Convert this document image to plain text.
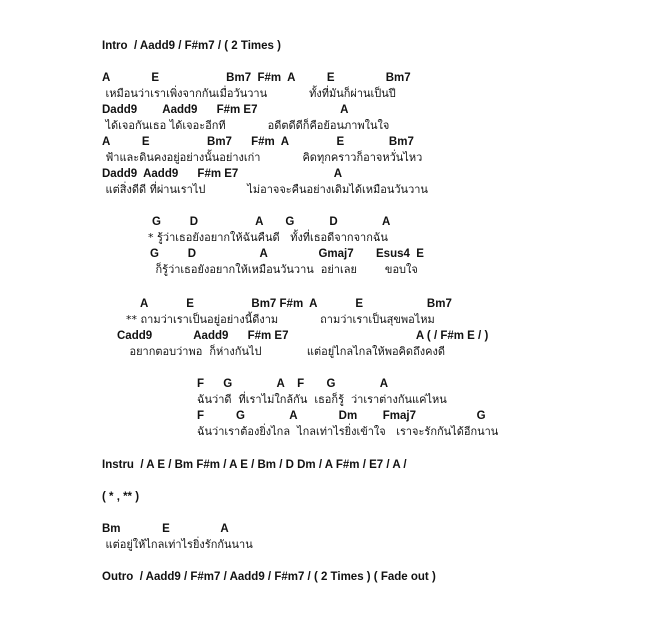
Intro  / Aadd9 / F#m7 / ( 2 Times )
A             E                     Bm7  F#m  A          E                Bm7
เหมือนว่าเราเพิ่งจากกันเมื่อวันวาน            ทั้งที่มันก็ผ่านเป็นปี
Dadd9        Aadd9      F#m E7                          A
ได้เจอกันเธอ ได้เจอะอีกที            อดีตดีดีก็คือย้อนภาพในใจ
A          E                  Bm7      F#m  A               E              Bm7
ฟ้าและดินคงอยู่อย่างนั้นอย่างเก่า            คิดทุกคราวก็อาจหวั่นไหว
Dadd9  Aadd9      F#m E7                              A
แต่สิ่งดีดี ที่ผ่านเราไป            ไม่อาจจะคืนอย่างเดิมได้เหมือนวันวาน
G         D                  A       G           D              A
* รู้ว่าเธอยังอยากให้ฉันคืนดี   ทั้งที่เธอดีจากจากฉัน
G         D                    A                Gmaj7       Esus4  E
ก็รู้ว่าเธอยังอยากให้เหมือนวันวาน  อย่าเลย        ขอบใจ
A            E                  Bm7 F#m  A            E                    Bm7
** ถามว่าเราเป็นอยู่อย่างนี้ดีงาม            ถามว่าเราเป็นสุขพอไหม
Cadd9             Aadd9      F#m E7                                        A ( / F#m E / )
อยากตอบว่าพอ  ก็ห่างกันไป             แต่อยู่ไกลไกลให้พอคิดถึงคงดี
F      G              A    F       G              A
ฉันว่าดี  ที่เราไม่ใกล้กัน  เธอก็รู้  ว่าเราต่างกันแค่ไหน
F          G              A             Dm        Fmaj7                   G
ฉันว่าเราต้องยิ่งไกล  ไกลเท่าไรยิ่งเข้าใจ   เราจะรักกันได้อีกนาน
Instru  / A E / Bm F#m / A E / Bm / D Dm / A F#m / E7 / A /
( * , ** )
Bm             E                A
แต่อยู่ให้ไกลเท่าไรยิ่งรักกันนาน
Outro  / Aadd9 / F#m7 / Aadd9 / F#m7 / ( 2 Times ) ( Fade out )
